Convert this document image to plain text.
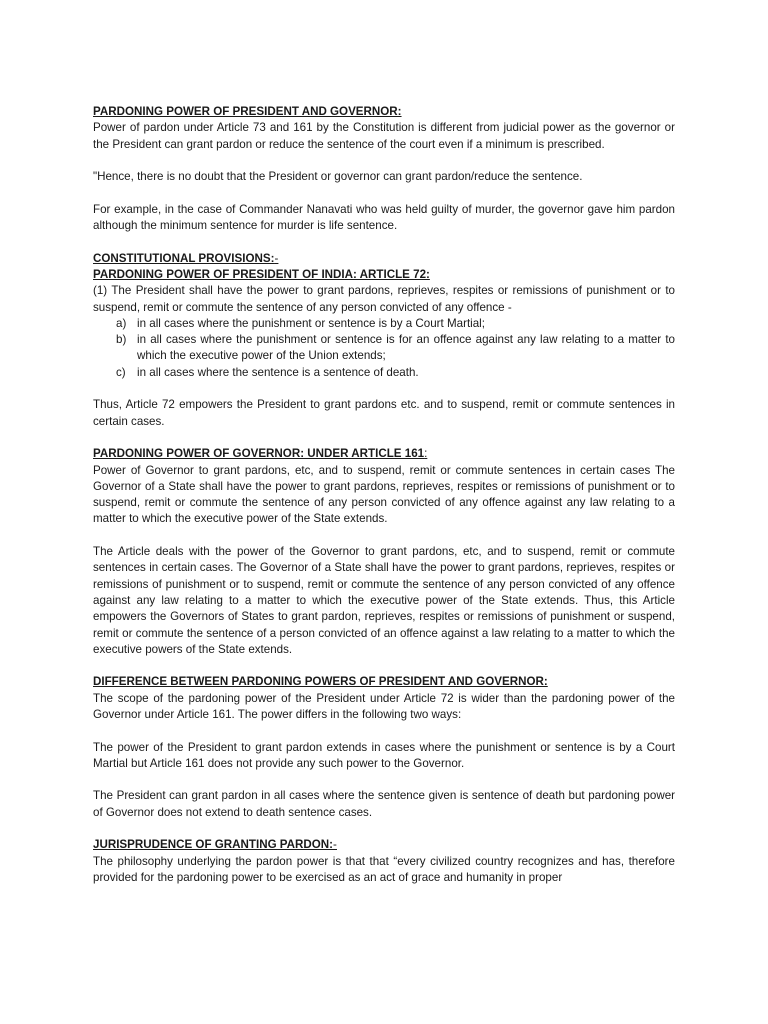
PARDONING POWER OF PRESIDENT AND GOVERNOR:

Power of pardon under Article 73 and 161 by the Constitution is different from judicial power as the governor or the President can grant pardon or reduce the sentence of the court even if a minimum is prescribed.

"Hence, there is no doubt that the President or governor can grant pardon/reduce the sentence.

For example, in the case of Commander Nanavati who was held guilty of murder, the governor gave him pardon although the minimum sentence for murder is life sentence.

CONSTITUTIONAL PROVISIONS:-
PARDONING POWER OF PRESIDENT OF INDIA: ARTICLE 72:

(1) The President shall have the power to grant pardons, reprieves, respites or remissions of punishment or to suspend, remit or commute the sentence of any person convicted of any offence -

a) in all cases where the punishment or sentence is by a Court Martial;
b) in all cases where the punishment or sentence is for an offence against any law relating to a matter to which the executive power of the Union extends;
c) in all cases where the sentence is a sentence of death.

Thus, Article 72 empowers the President to grant pardons etc. and to suspend, remit or commute sentences in certain cases.

PARDONING POWER OF GOVERNOR: UNDER ARTICLE 161:

Power of Governor to grant pardons, etc, and to suspend, remit or commute sentences in certain cases The Governor of a State shall have the power to grant pardons, reprieves, respites or remissions of punishment or to suspend, remit or commute the sentence of any person convicted of any offence against any law relating to a matter to which the executive power of the State extends.

The Article deals with the power of the Governor to grant pardons, etc, and to suspend, remit or commute sentences in certain cases. The Governor of a State shall have the power to grant pardons, reprieves, respites or remissions of punishment or to suspend, remit or commute the sentence of any person convicted of any offence against any law relating to a matter to which the executive power of the State extends. Thus, this Article empowers the Governors of States to grant pardon, reprieves, respites or remissions of punishment or suspend, remit or commute the sentence of a person convicted of an offence against a law relating to a matter to which the executive powers of the State extends.

DIFFERENCE BETWEEN PARDONING POWERS OF PRESIDENT AND GOVERNOR:

The scope of the pardoning power of the President under Article 72 is wider than the pardoning power of the Governor under Article 161. The power differs in the following two ways:

The power of the President to grant pardon extends in cases where the punishment or sentence is by a Court Martial but Article 161 does not provide any such power to the Governor.

The President can grant pardon in all cases where the sentence given is sentence of death but pardoning power of Governor does not extend to death sentence cases.

JURISPRUDENCE OF GRANTING PARDON:-

The philosophy underlying the pardon power is that that “every civilized country recognizes and has, therefore provided for the pardoning power to be exercised as an act of grace and humanity in proper
